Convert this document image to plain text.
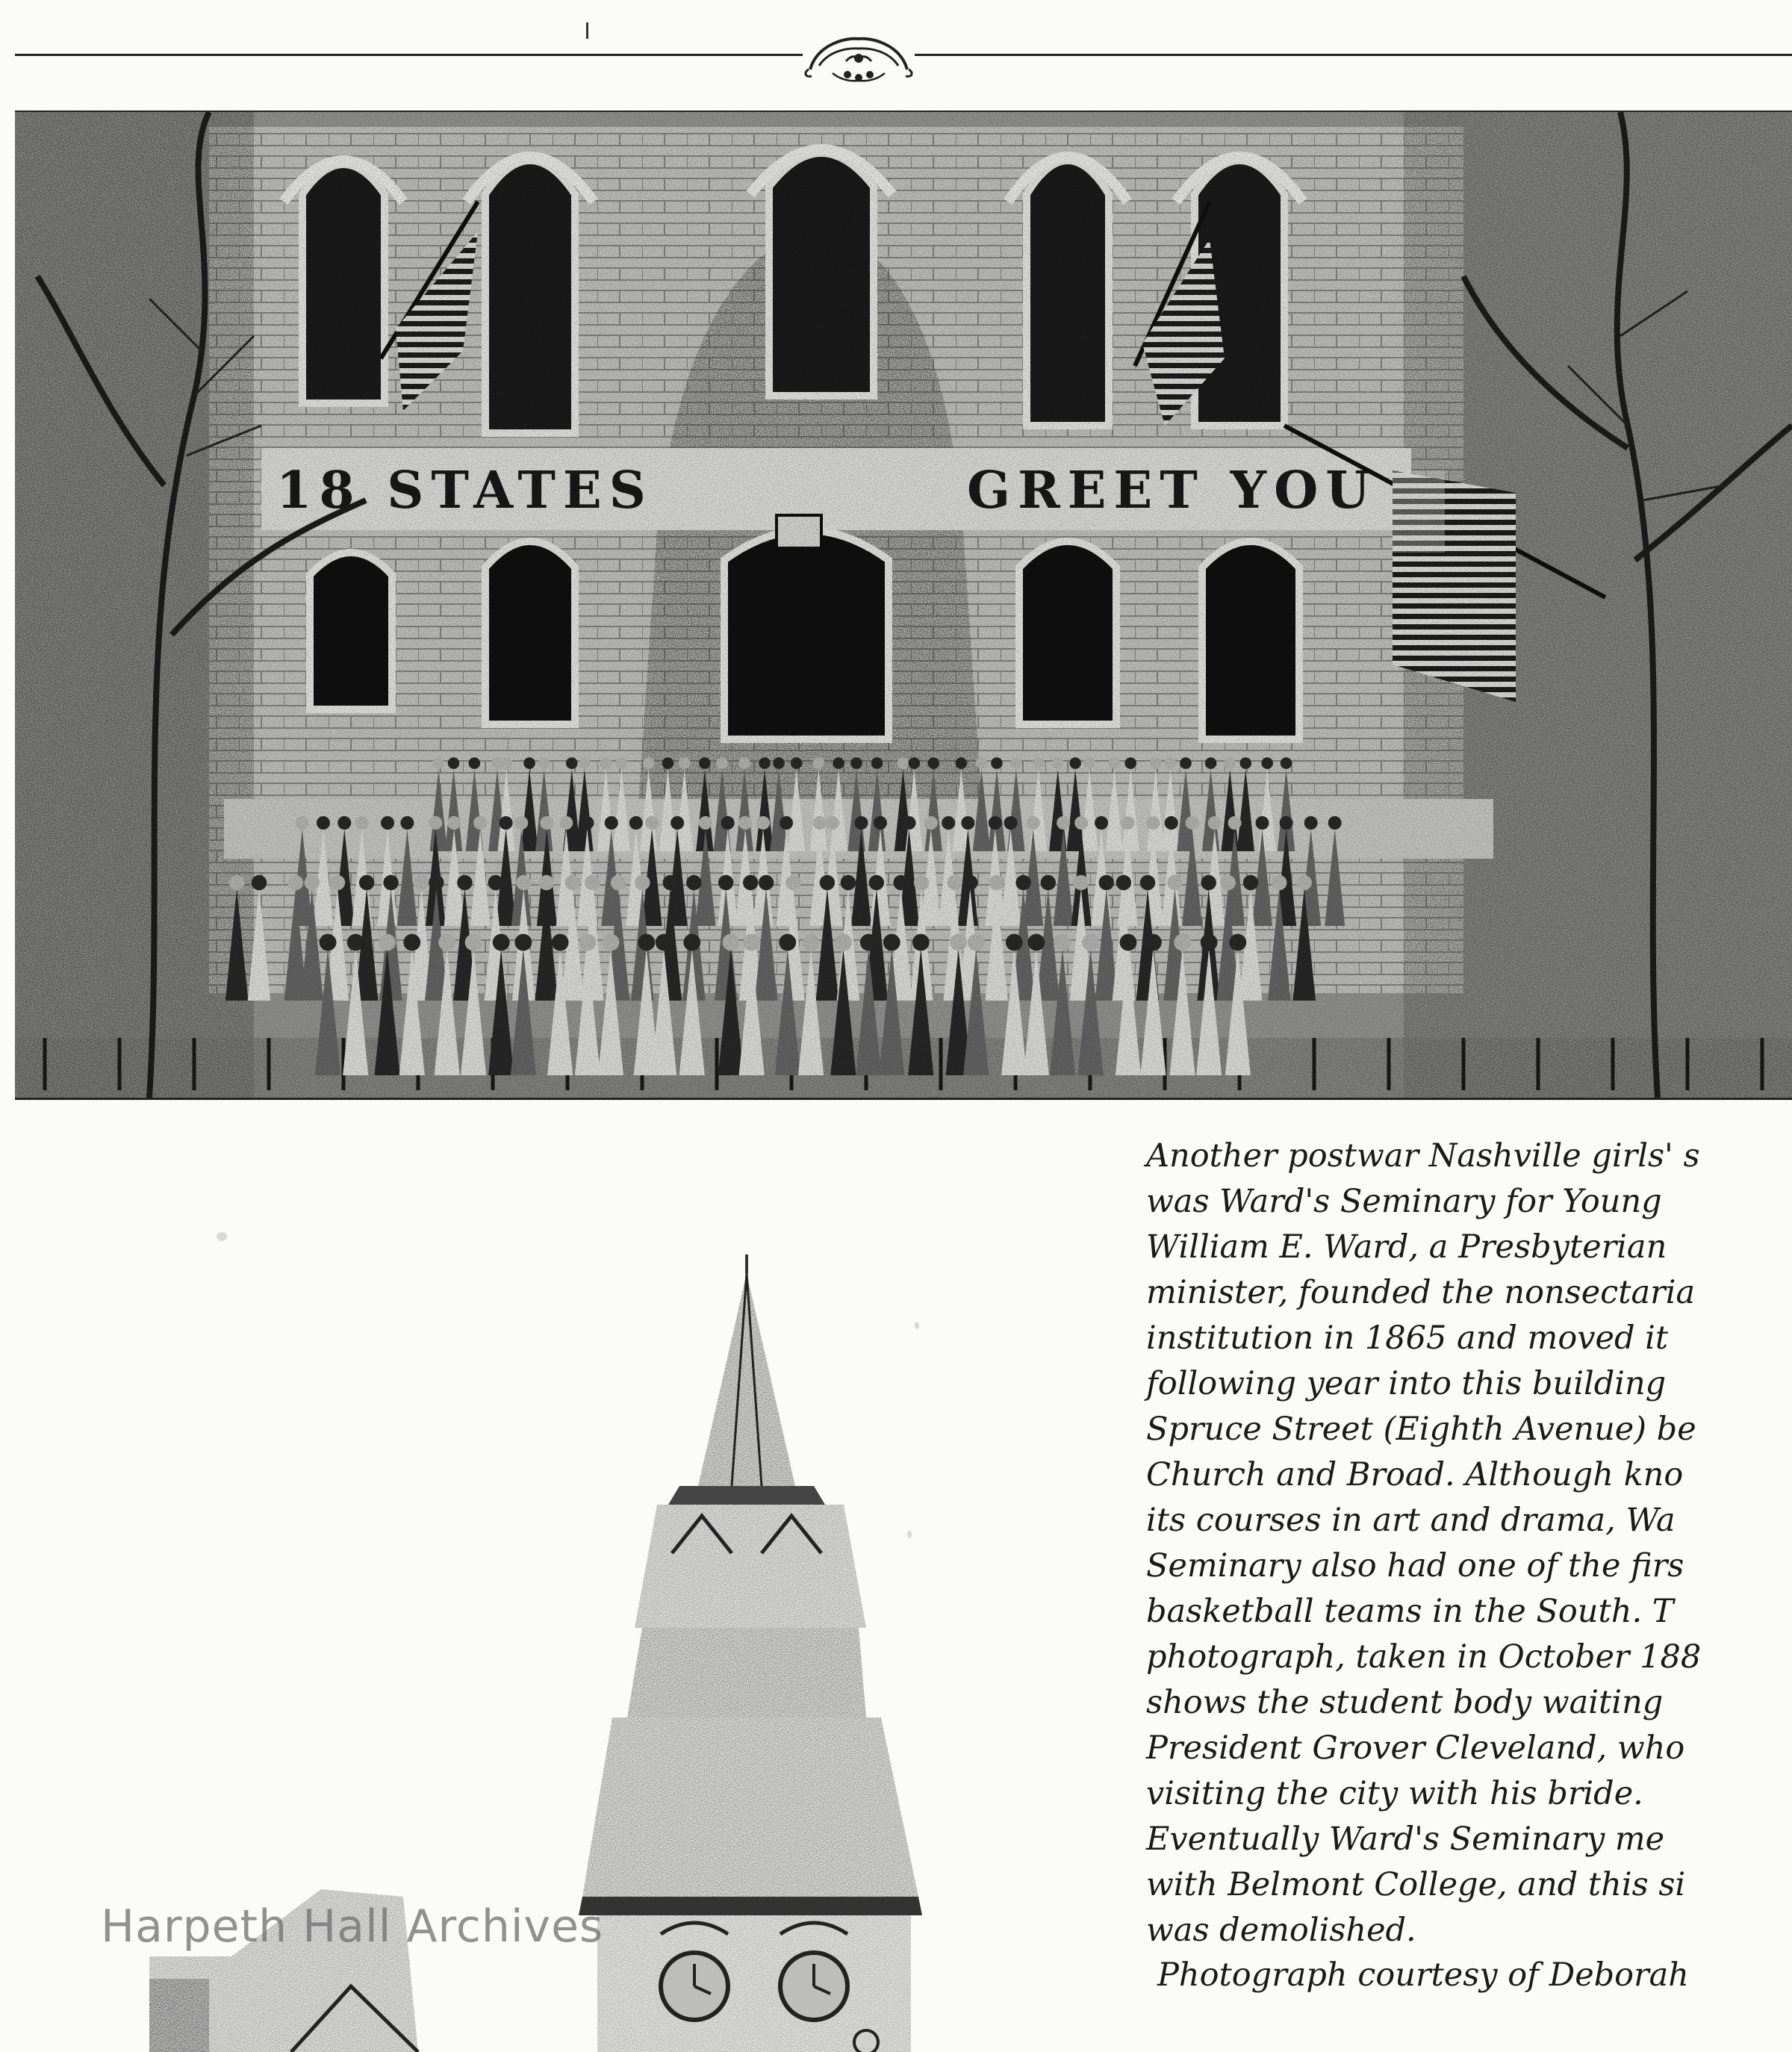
Another postwar Nashville girls' s
was Ward's Seminary for Young
William E. Ward, a Presbyterian
minister, founded the nonsectaria
institution in 1865 and moved it
following year into this building
Spruce Street (Eighth Avenue) be
Church and Broad. Although kno
its courses in art and drama, Wa
Seminary also had one of the firs
basketball teams in the South. T
photograph, taken in October 188
shows the student body waiting
President Grover Cleveland, who
visiting the city with his bride.
Eventually Ward's Seminary me
with Belmont College, and this si
was demolished.
Photograph courtesy of Deborah
Harpeth Hall Archives
